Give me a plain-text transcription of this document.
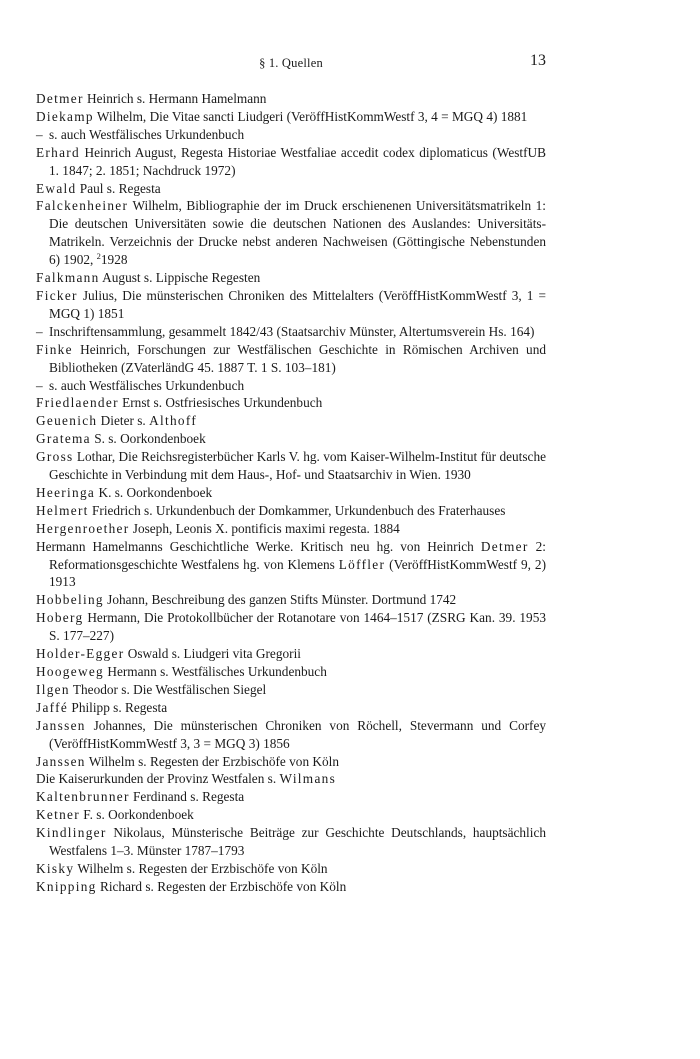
§ 1. Quellen	13
Detmer Heinrich s. Hermann Hamelmann
Diekamp Wilhelm, Die Vitae sancti Liudgeri (VeröffHistKommWestf 3, 4 = MGQ 4) 1881
– s. auch Westfälisches Urkundenbuch
Erhard Heinrich August, Regesta Historiae Westfaliae accedit codex diplomaticus (WestfUB 1. 1847; 2. 1851; Nachdruck 1972)
Ewald Paul s. Regesta
Falckenheiner Wilhelm, Bibliographie der im Druck erschienenen Universitätsmatrikeln 1: Die deutschen Universitäten sowie die deutschen Nationen des Auslandes: Universitäts-Matrikeln. Verzeichnis der Drucke nebst anderen Nachweisen (Göttingische Nebenstunden 6) 1902, $^2$1928
Falkmann August s. Lippische Regesten
Ficker Julius, Die münsterischen Chroniken des Mittelalters (VeröffHistKommWestf 3, 1 = MGQ 1) 1851
– Inschriftensammlung, gesammelt 1842/43 (Staatsarchiv Münster, Altertumsverein Hs. 164)
Finke Heinrich, Forschungen zur Westfälischen Geschichte in Römischen Archiven und Bibliotheken (ZVaterländG 45. 1887 T. 1 S. 103–181)
– s. auch Westfälisches Urkundenbuch
Friedlaender Ernst s. Ostfriesisches Urkundenbuch
Geuenich Dieter s. Althoff
Gratema S. s. Oorkondenboek
Gross Lothar, Die Reichsregisterbücher Karls V. hg. vom Kaiser-Wilhelm-Institut für deutsche Geschichte in Verbindung mit dem Haus-, Hof- und Staatsarchiv in Wien. 1930
Heeringa K. s. Oorkondenboek
Helmert Friedrich s. Urkundenbuch der Domkammer, Urkundenbuch des Fraterhauses
Hergenroether Joseph, Leonis X. pontificis maximi regesta. 1884
Hermann Hamelmanns Geschichtliche Werke. Kritisch neu hg. von Heinrich Detmer 2: Reformationsgeschichte Westfalens hg. von Klemens Löffler (VeröffHistKommWestf 9, 2) 1913
Hobbeling Johann, Beschreibung des ganzen Stifts Münster. Dortmund 1742
Hoberg Hermann, Die Protokollbücher der Rotanotare von 1464–1517 (ZSRG Kan. 39. 1953 S. 177–227)
Holder-Egger Oswald s. Liudgeri vita Gregorii
Hoogeweg Hermann s. Westfälisches Urkundenbuch
Ilgen Theodor s. Die Westfälischen Siegel
Jaffé Philipp s. Regesta
Janssen Johannes, Die münsterischen Chroniken von Röchell, Stevermann und Corfey (VeröffHistKommWestf 3, 3 = MGQ 3) 1856
Janssen Wilhelm s. Regesten der Erzbischöfe von Köln
Die Kaiserurkunden der Provinz Westfalen s. Wilmans
Kaltenbrunner Ferdinand s. Regesta
Ketner F. s. Oorkondenboek
Kindlinger Nikolaus, Münsterische Beiträge zur Geschichte Deutschlands, hauptsächlich Westfalens 1–3. Münster 1787–1793
Kisky Wilhelm s. Regesten der Erzbischöfe von Köln
Knipping Richard s. Regesten der Erzbischöfe von Köln
